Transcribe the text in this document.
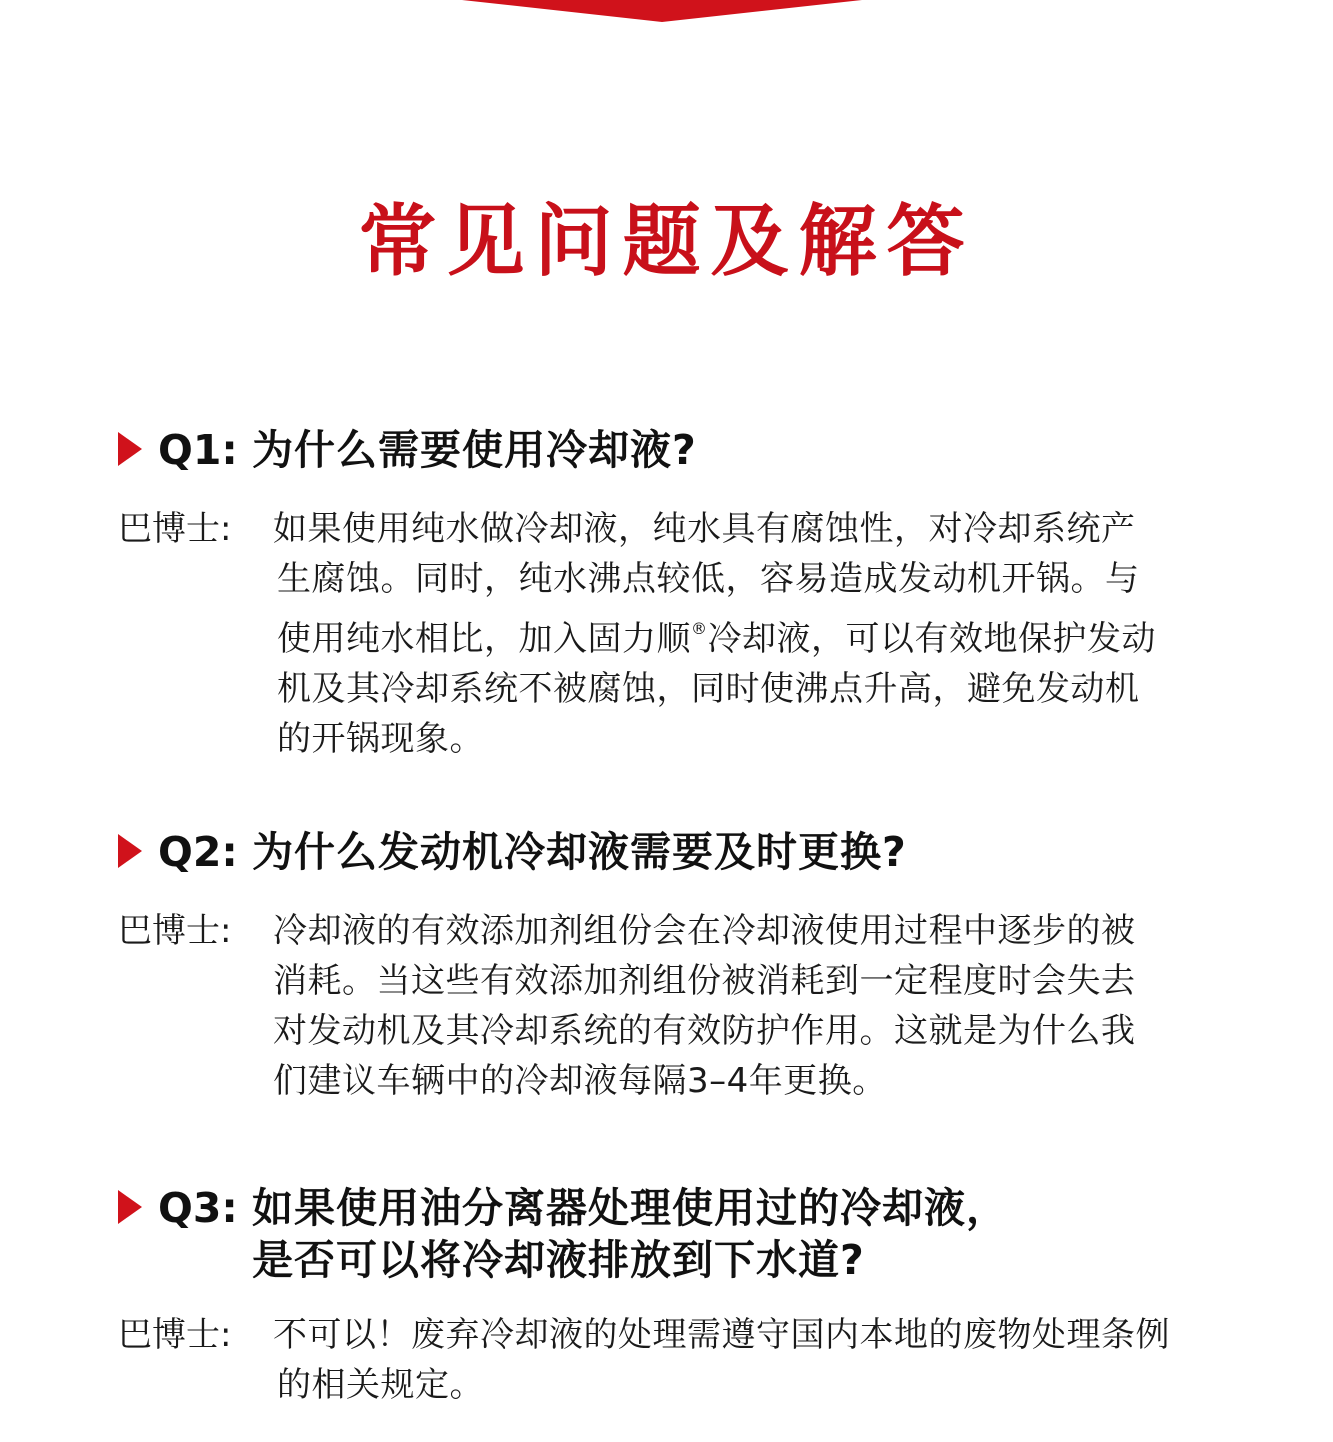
常见问题及解答
Q1: 为什么需要使用冷却液?
巴博士:	如果使用纯水做冷却液，纯水具有腐蚀性，对冷却系统产
生腐蚀。同时，纯水沸点较低，容易造成发动机开锅。与
使用纯水相比，加入固力顺®冷却液，可以有效地保护发动
机及其冷却系统不被腐蚀，同时使沸点升高，避免发动机
的开锅现象。
Q2: 为什么发动机冷却液需要及时更换?
巴博士:	冷却液的有效添加剂组份会在冷却液使用过程中逐步的被
消耗。当这些有效添加剂组份被消耗到一定程度时会失去
对发动机及其冷却系统的有效防护作用。这就是为什么我
们建议车辆中的冷却液每隔3–4年更换。
Q3: 如果使用油分离器处理使用过的冷却液，
是否可以将冷却液排放到下水道?
巴博士:	不可以！废弃冷却液的处理需遵守国内本地的废物处理条例
的相关规定。
